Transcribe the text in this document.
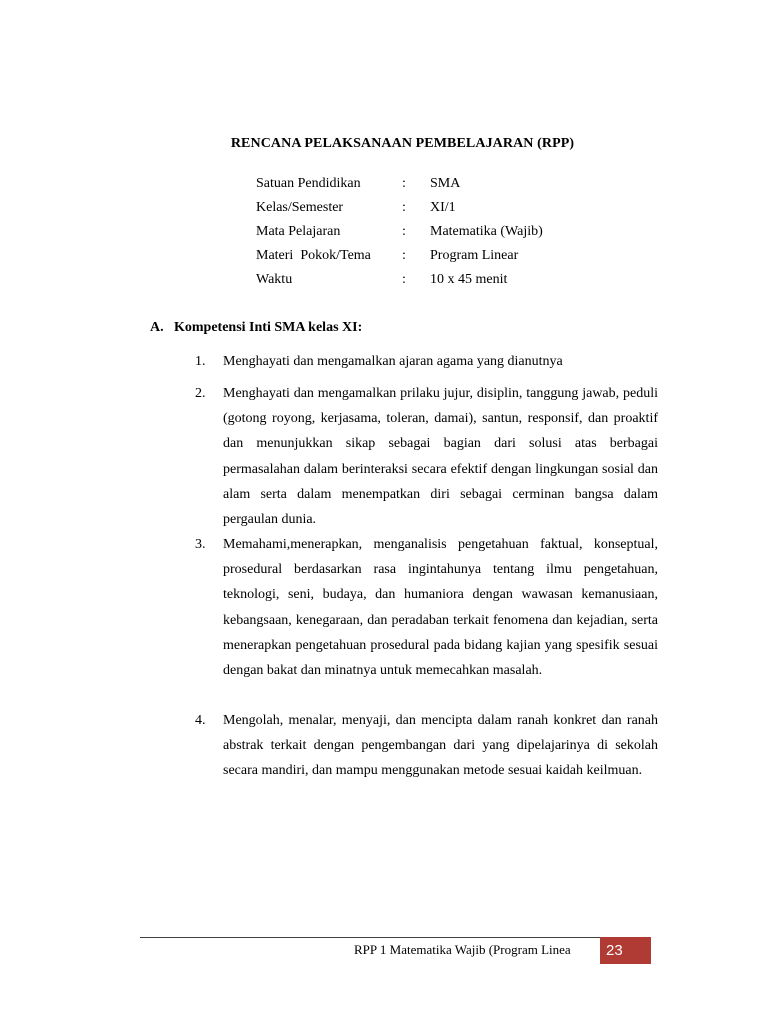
RENCANA PELAKSANAAN PEMBELAJARAN (RPP)
Satuan Pendidikan	: SMA
Kelas/Semester	: XI/1
Mata Pelajaran	: Matematika (Wajib)
Materi  Pokok/Tema : Program Linear
Waktu	: 10 x 45 menit
A. Kompetensi Inti SMA kelas XI:
1. Menghayati dan mengamalkan ajaran agama yang dianutnya
2. Menghayati dan mengamalkan prilaku jujur, disiplin, tanggung jawab, peduli (gotong royong, kerjasama, toleran, damai), santun, responsif, dan proaktif dan menunjukkan sikap sebagai bagian dari solusi atas berbagai permasalahan dalam berinteraksi secara efektif dengan lingkungan sosial dan alam serta dalam menempatkan diri sebagai cerminan bangsa dalam pergaulan dunia.
3. Memahami,menerapkan, menganalisis pengetahuan faktual, konseptual, prosedural berdasarkan rasa ingintahunya tentang ilmu pengetahuan, teknologi, seni, budaya, dan humaniora dengan wawasan kemanusiaan, kebangsaan, kenegaraan, dan peradaban terkait fenomena dan kejadian, serta menerapkan pengetahuan prosedural pada bidang kajian yang spesifik sesuai dengan bakat dan minatnya untuk memecahkan masalah.
4. Mengolah, menalar, menyaji, dan mencipta dalam ranah konkret dan ranah abstrak terkait dengan pengembangan dari yang dipelajarinya di sekolah secara mandiri, dan mampu menggunakan metode sesuai kaidah keilmuan.
RPP 1 Matematika Wajib (Program Linea	23
